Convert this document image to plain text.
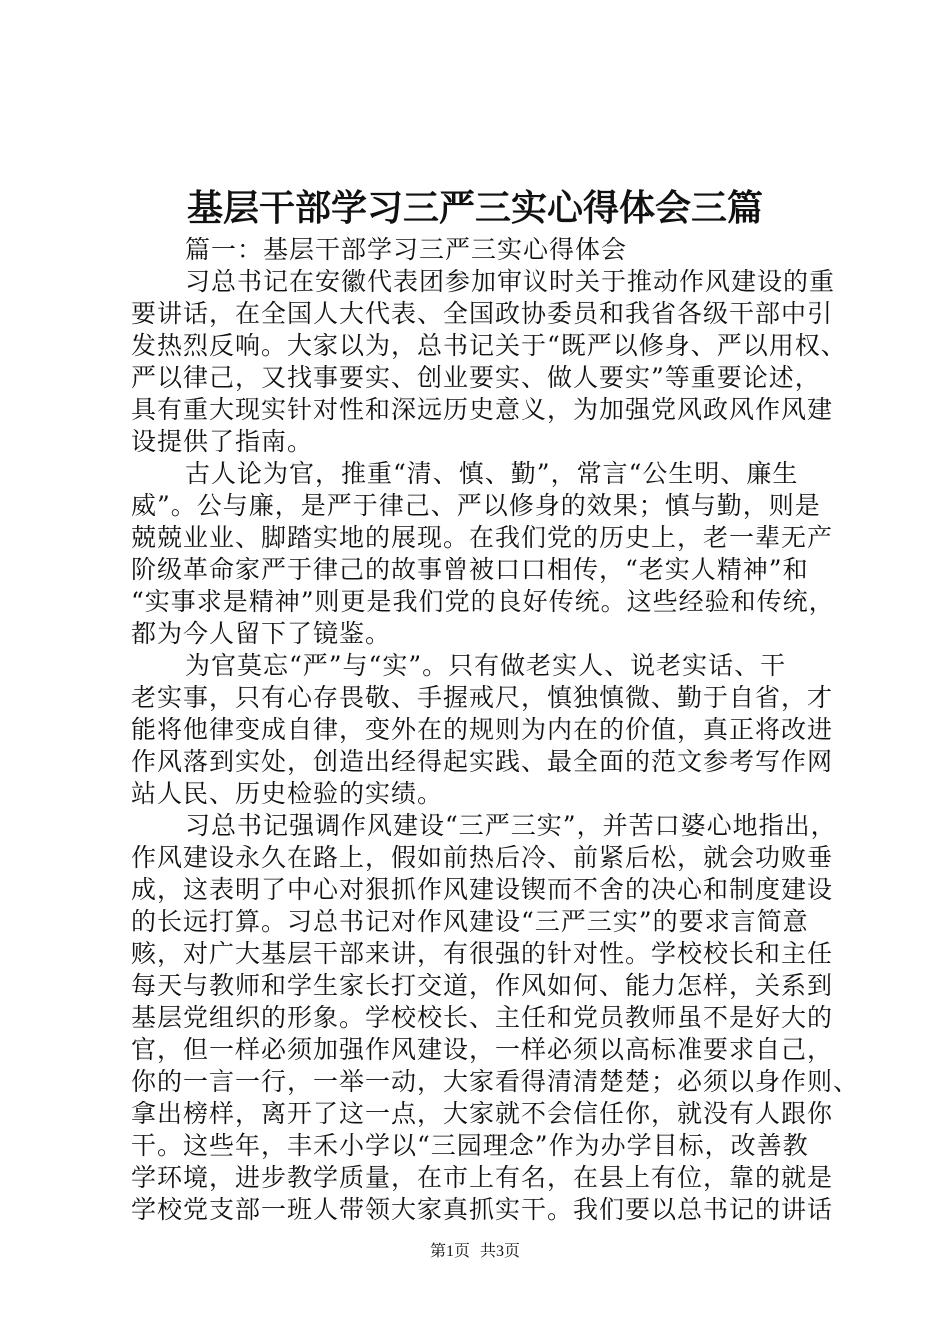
基层干部学习三严三实心得体会三篇
篇一：基层干部学习三严三实心得体会
习总书记在安徽代表团参加审议时关于推动作风建设的重
要讲话，在全国人大代表、全国政协委员和我省各级干部中引
发热烈反响。大家以为，总书记关于“既严以修身、严以用权、
严以律己，又找事要实、创业要实、做人要实”等重要论述，
具有重大现实针对性和深远历史意义，为加强党风政风作风建
设提供了指南。
古人论为官，推重“清、慎、勤”，常言“公生明、廉生
威”。公与廉，是严于律己、严以修身的效果；慎与勤，则是
兢兢业业、脚踏实地的展现。在我们党的历史上，老一辈无产
阶级革命家严于律己的故事曾被口口相传，“老实人精神”和
“实事求是精神”则更是我们党的良好传统。这些经验和传统，
都为今人留下了镜鉴。
为官莫忘“严”与“实”。只有做老实人、说老实话、干
老实事，只有心存畏敬、手握戒尺，慎独慎微、勤于自省，才
能将他律变成自律，变外在的规则为内在的价值，真正将改进
作风落到实处，创造出经得起实践、最全面的范文参考写作网
站人民、历史检验的实绩。
习总书记强调作风建设“三严三实”，并苦口婆心地指出，
作风建设永久在路上，假如前热后冷、前紧后松，就会功败垂
成，这表明了中心对狠抓作风建设锲而不舍的决心和制度建设
的长远打算。习总书记对作风建设“三严三实”的要求言简意
赅，对广大基层干部来讲，有很强的针对性。学校校长和主任
每天与教师和学生家长打交道，作风如何、能力怎样，关系到
基层党组织的形象。学校校长、主任和党员教师虽不是好大的
官，但一样必须加强作风建设，一样必须以高标准要求自己，
你的一言一行，一举一动，大家看得清清楚楚；必须以身作则、
拿出榜样，离开了这一点，大家就不会信任你，就没有人跟你
干。这些年，丰禾小学以“三园理念”作为办学目标，改善教
学环境，进步教学质量，在市上有名，在县上有位，靠的就是
学校党支部一班人带领大家真抓实干。我们要以总书记的讲话
第1页 共3页
